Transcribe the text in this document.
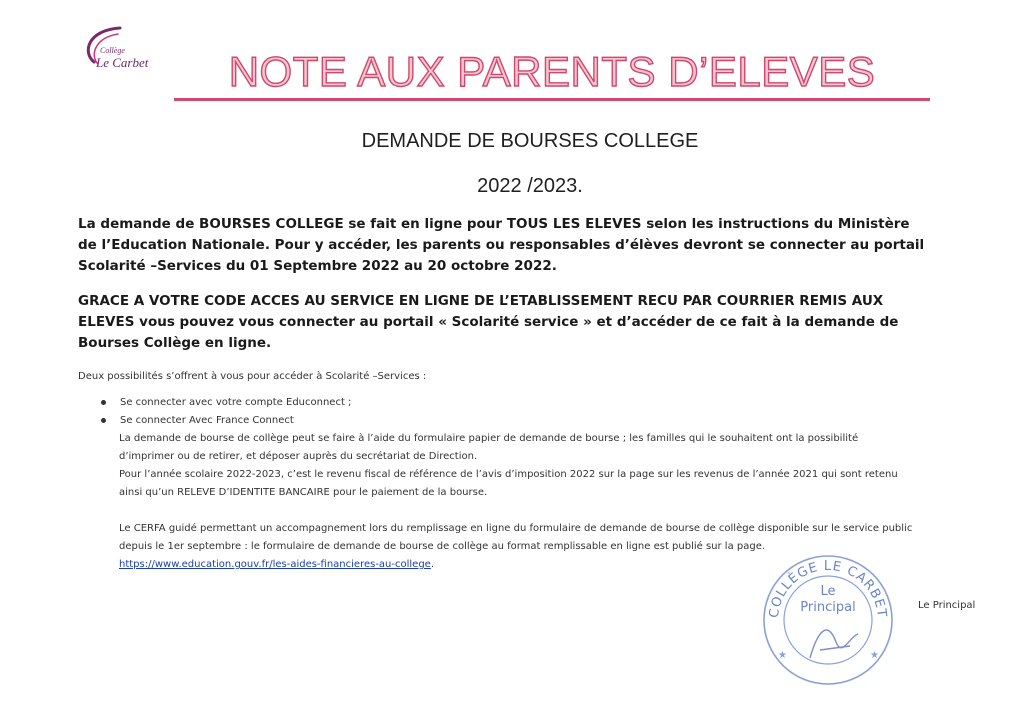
Collège
Le Carbet	NOTE AUX PARENTS D’ELEVES
DEMANDE DE BOURSES COLLEGE
2022 /2023.
La demande de BOURSES COLLEGE se fait en ligne pour TOUS LES ELEVES selon les instructions du Ministère
de l’Education Nationale. Pour y accéder, les parents ou responsables d’élèves devront se connecter au portail
Scolarité –Services du 01 Septembre 2022 au 20 octobre 2022.
GRACE A VOTRE CODE ACCES AU SERVICE EN LIGNE DE L’ETABLISSEMENT RECU PAR COURRIER REMIS AUX
ELEVES vous pouvez vous connecter au portail « Scolarité service » et d’accéder de ce fait à la demande de
Bourses Collège en ligne.
Deux possibilités s’offrent à vous pour accéder à Scolarité –Services :
Se connecter avec votre compte Educonnect ;
Se connecter Avec France Connect
La demande de bourse de collège peut se faire à l’aide du formulaire papier de demande de bourse ; les familles qui le souhaitent ont la possibilité
d’imprimer ou de retirer, et déposer auprès du secrétariat de Direction.
Pour l’année scolaire 2022-2023, c’est le revenu fiscal de référence de l’avis d’imposition 2022 sur la page sur les revenus de l’année 2021 qui sont retenu
ainsi qu’un RELEVE D’IDENTITE BANCAIRE pour le paiement de la bourse.
Le CERFA guidé permettant un accompagnement lors du remplissage en ligne du formulaire de demande de bourse de collège disponible sur le service public
depuis le 1er septembre : le formulaire de demande de bourse de collège au format remplissable en ligne est publié sur la page.
https://www.education.gouv.fr/les-aides-financieres-au-college.
COLLÈGE LE CARBET
★	★
Le
Principal	Le Principal
